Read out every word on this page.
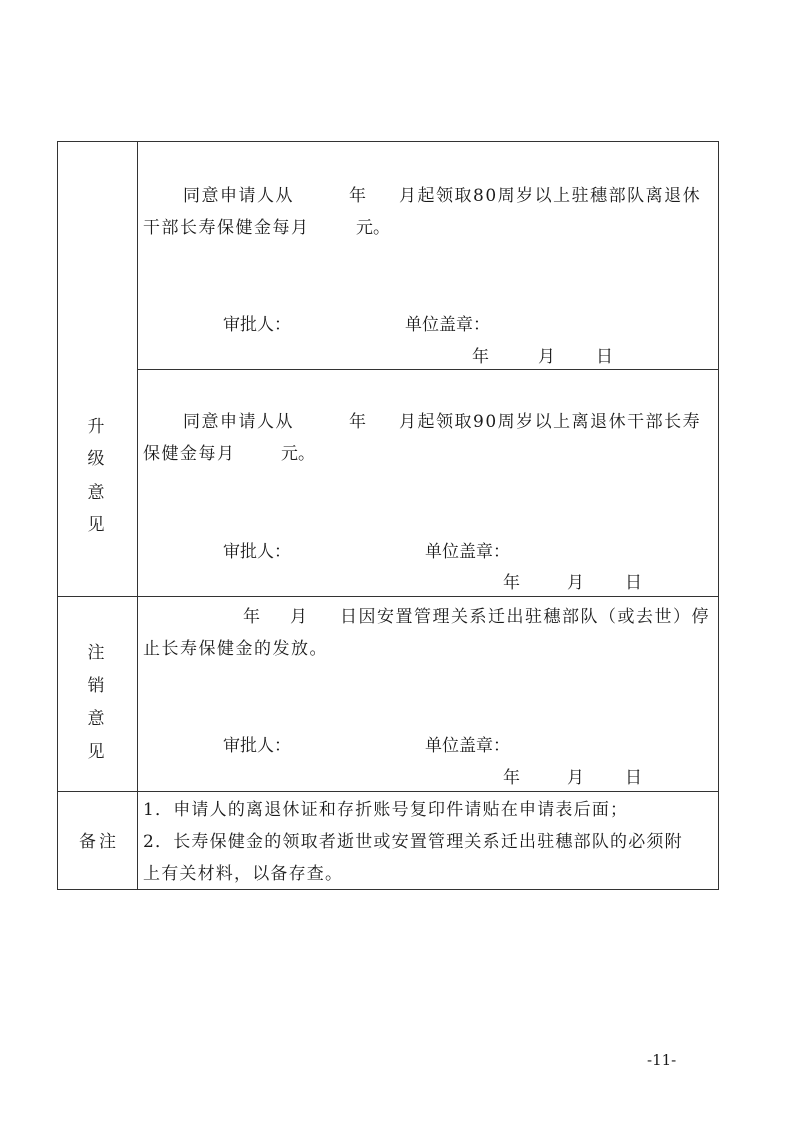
升
级
意
见
同意申请人从	年 月起领取80周岁以上驻穗部队离退休
干部长寿保健金每月	元。
审批人：	单位盖章：
年	月 日
同意申请人从	年 月起领取90周岁以上离退休干部长寿
保健金每月	元。
审批人：	单位盖章：
年	月 日
注
销
意
见
年 月 日因安置管理关系迁出驻穗部队（或去世）停
止长寿保健金的发放。
审批人：	单位盖章：
年	月 日
备注
1．申请人的离退休证和存折账号复印件请贴在申请表后面；
2．长寿保健金的领取者逝世或安置管理关系迁出驻穗部队的必须附
上有关材料，以备存查。
-11-
